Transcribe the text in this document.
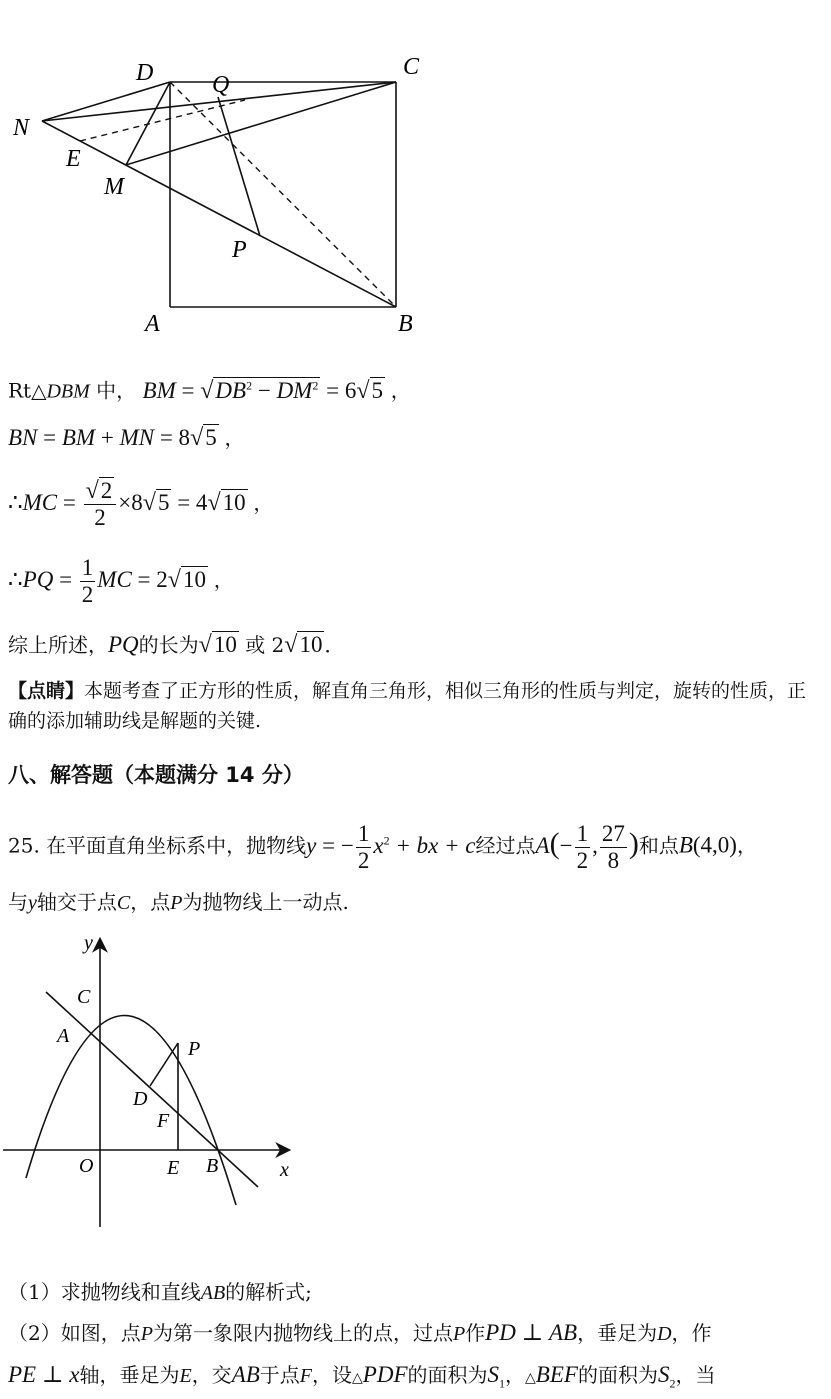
D	C
Q
N
E
M
P
A	B
Rt△DBM 中， BM = $√DB^2 - DM^2 = 6√5$ ，
BN = BM + MN = 8√5 ，
∴MC = $\frac{√2}{2} \times 8√5 = 4√10$ ，
∴PQ = $\frac{1}{2}$ MC = 2√10 ，
综上所述，PQ的长为√10 或 2√10 ．
【点睛】本题考查了正方形的性质，解直角三角形，相似三角形的性质与判定，旋转的性质，正确的添加辅助线是解题的关键.
八、解答题（本题满分 14 分）
25. 在平面直角坐标系中，抛物线y = − $\frac{1}{2} x^2$ + bx + c经过点$A(- \frac{1}{2}$ , $\frac{27}{8}$ )和点B(4,0)，
与y轴交于点C，点P为抛物线上一动点.
y
C
A
P
D
F
O	E B	x
（1）求抛物线和直线AB的解析式;
（2）如图，点P为第一象限内抛物线上的点，过点P作PD ⊥ AB，垂足为D，作
PE ⊥ x轴，垂足为E，交AB于点F，设△PDF的面积为$S_1$，△BEF的面积为$S_2$，当
